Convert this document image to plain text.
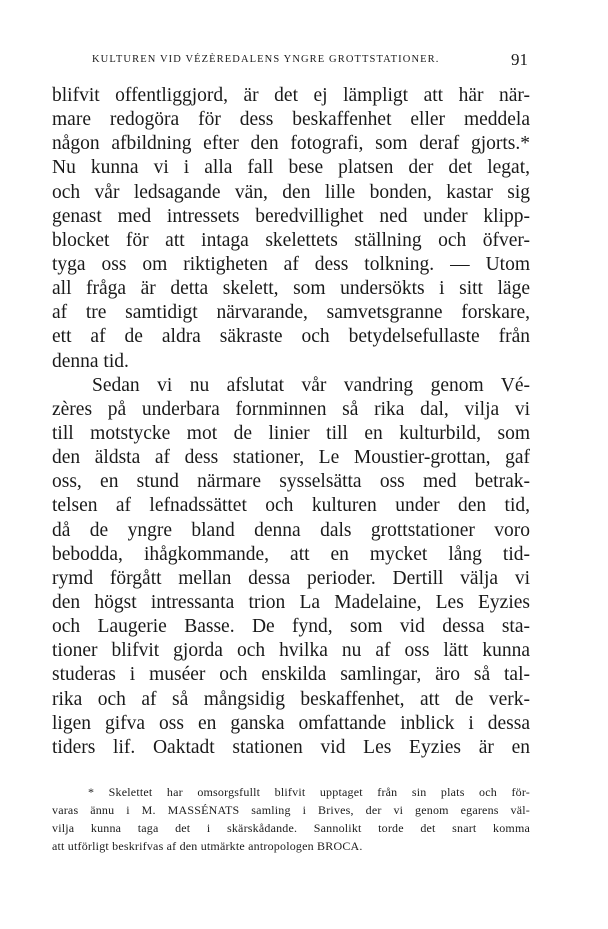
KULTUREN VID VÉZÈREDALENS YNGRE GROTTSTATIONER.	91
blifvit offentliggjord, är det ej lämpligt att här när-
mare redogöra för dess beskaffenhet eller meddela
någon afbildning efter den fotografi, som deraf gjorts.*
Nu kunna vi i alla fall bese platsen der det legat,
och vår ledsagande vän, den lille bonden, kastar sig
genast med intressets beredvillighet ned under klipp-
blocket för att intaga skelettets ställning och öfver-
tyga oss om riktigheten af dess tolkning. — Utom
all fråga är detta skelett, som undersökts i sitt läge
af tre samtidigt närvarande, samvetsgranne forskare,
ett af de aldra säkraste och betydelsefullaste från
denna tid.
Sedan vi nu afslutat vår vandring genom Vé-
zères på underbara fornminnen så rika dal, vilja vi
till motstycke mot de linier till en kulturbild, som
den äldsta af dess stationer, Le Moustier-grottan, gaf
oss, en stund närmare sysselsätta oss med betrak-
telsen af lefnadssättet och kulturen under den tid,
då de yngre bland denna dals grottstationer voro
bebodda, ihågkommande, att en mycket lång tid-
rymd förgått mellan dessa perioder. Dertill välja vi
den högst intressanta trion La Madelaine, Les Eyzies
och Laugerie Basse. De fynd, som vid dessa sta-
tioner blifvit gjorda och hvilka nu af oss lätt kunna
studeras i muséer och enskilda samlingar, äro så tal-
rika och af så mångsidig beskaffenhet, att de verk-
ligen gifva oss en ganska omfattande inblick i dessa
tiders lif. Oaktadt stationen vid Les Eyzies är en
* Skelettet har omsorgsfullt blifvit upptaget från sin plats och för-
varas ännu i M. MASSÉNATS samling i Brives, der vi genom egarens väl-
vilja kunna taga det i skärskådande. Sannolikt torde det snart komma
att utförligt beskrifvas af den utmärkte antropologen BROCA.
